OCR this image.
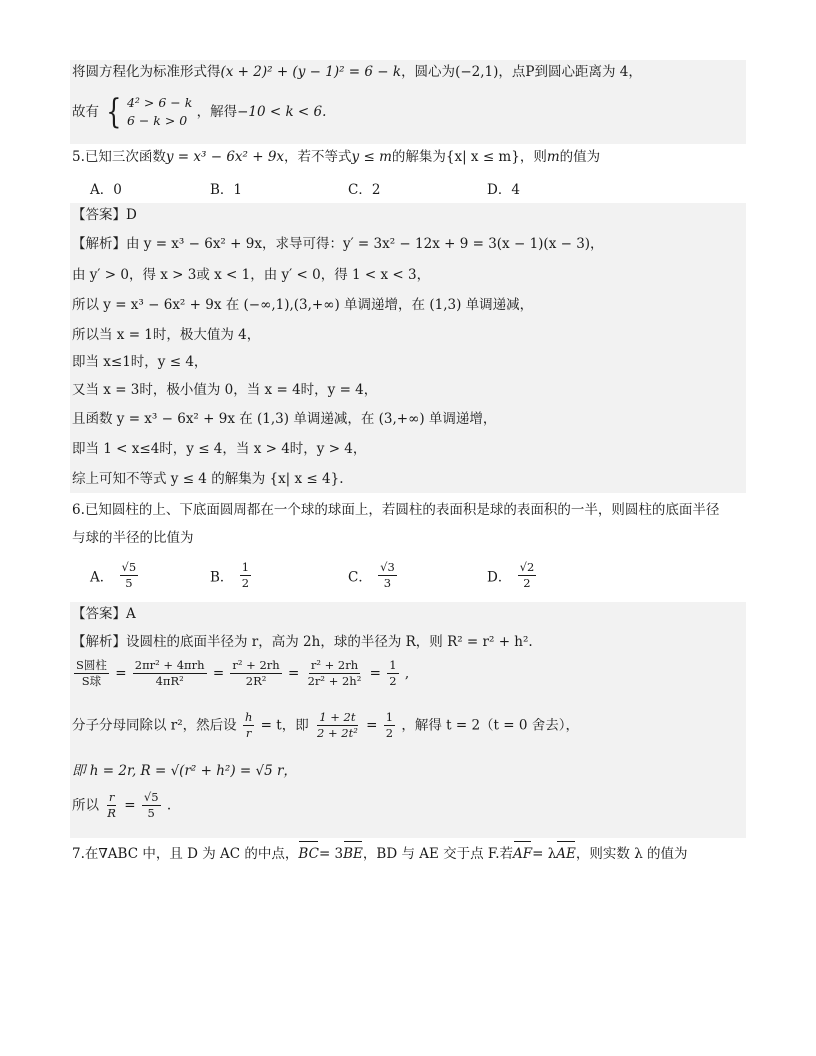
将圆方程化为标准形式得(x + 2)² + (y − 1)² = 6 − k，圆心为(−2,1)，点P到圆心距离为 4，
故有 { 4² > 6 − k
6 − k > 0
，解得−10 < k < 6.
5.已知三次函数y = x³ − 6x² + 9x，若不等式y ≤ m的解集为{x| x ≤ m}，则m的值为
A．0	B．1	C．2	D．4
【答案】D
【解析】由 y = x³ − 6x² + 9x，求导可得：y′ = 3x² − 12x + 9 = 3(x − 1)(x − 3)，
由 y′ > 0，得 x > 3或 x < 1，由 y′ < 0，得 1 < x < 3，
所以 y = x³ − 6x² + 9x 在 (−∞,1),(3,+∞) 单调递增，在 (1,3) 单调递减，
所以当 x = 1时，极大值为 4，
即当 x≤1时，y ≤ 4，
又当 x = 3时，极小值为 0，当 x = 4时，y = 4，
且函数 y = x³ − 6x² + 9x 在 (1,3) 单调递减，在 (3,+∞) 单调递增，
即当 1 < x≤4时，y ≤ 4，当 x > 4时，y > 4，
综上可知不等式 y ≤ 4 的解集为 {x| x ≤ 4}.
6.已知圆柱的上、下底面圆周都在一个球的球面上，若圆柱的表面积是球的表面积的一半，则圆柱的底面半径
与球的半径的比值为
A． $\frac{√5}{5}$	B． $\frac{1}{2}$	C． $\frac{√3}{3}$	D． $\frac{√2}{2}$
【答案】A
【解析】设圆柱的底面半径为 r，高为 2h，球的半径为 R，则 R² = r² + h².
$\frac{\text{S圆柱}}{\text{S球}} = \frac{\text{2πr² + 4πrh}}{\text{4πR²}} = \frac{\text{r² + 2rh}}{\text{2R²}} = \frac{\text{r² + 2rh}}{\text{2r² + 2h²}} = \frac{1}{2}$ ,
分子分母同除以 r²，然后设 $\frac{h}{r} = t$，即 $\frac{1 + 2t}{\text{2 + 2t²}} = \frac{1}{2}$ ，解得 t = 2（t = 0 舍去），
即 h = 2r, R = √(r² + h²) = √5 r，
所以 $\frac{r}{R} = \frac{√5}{5}$ .
7.在∇ABC 中，且 D 为 AC 的中点，BC= 3BE，BD 与 AE 交于点 F.若AF= λAE，则实数 λ 的值为
